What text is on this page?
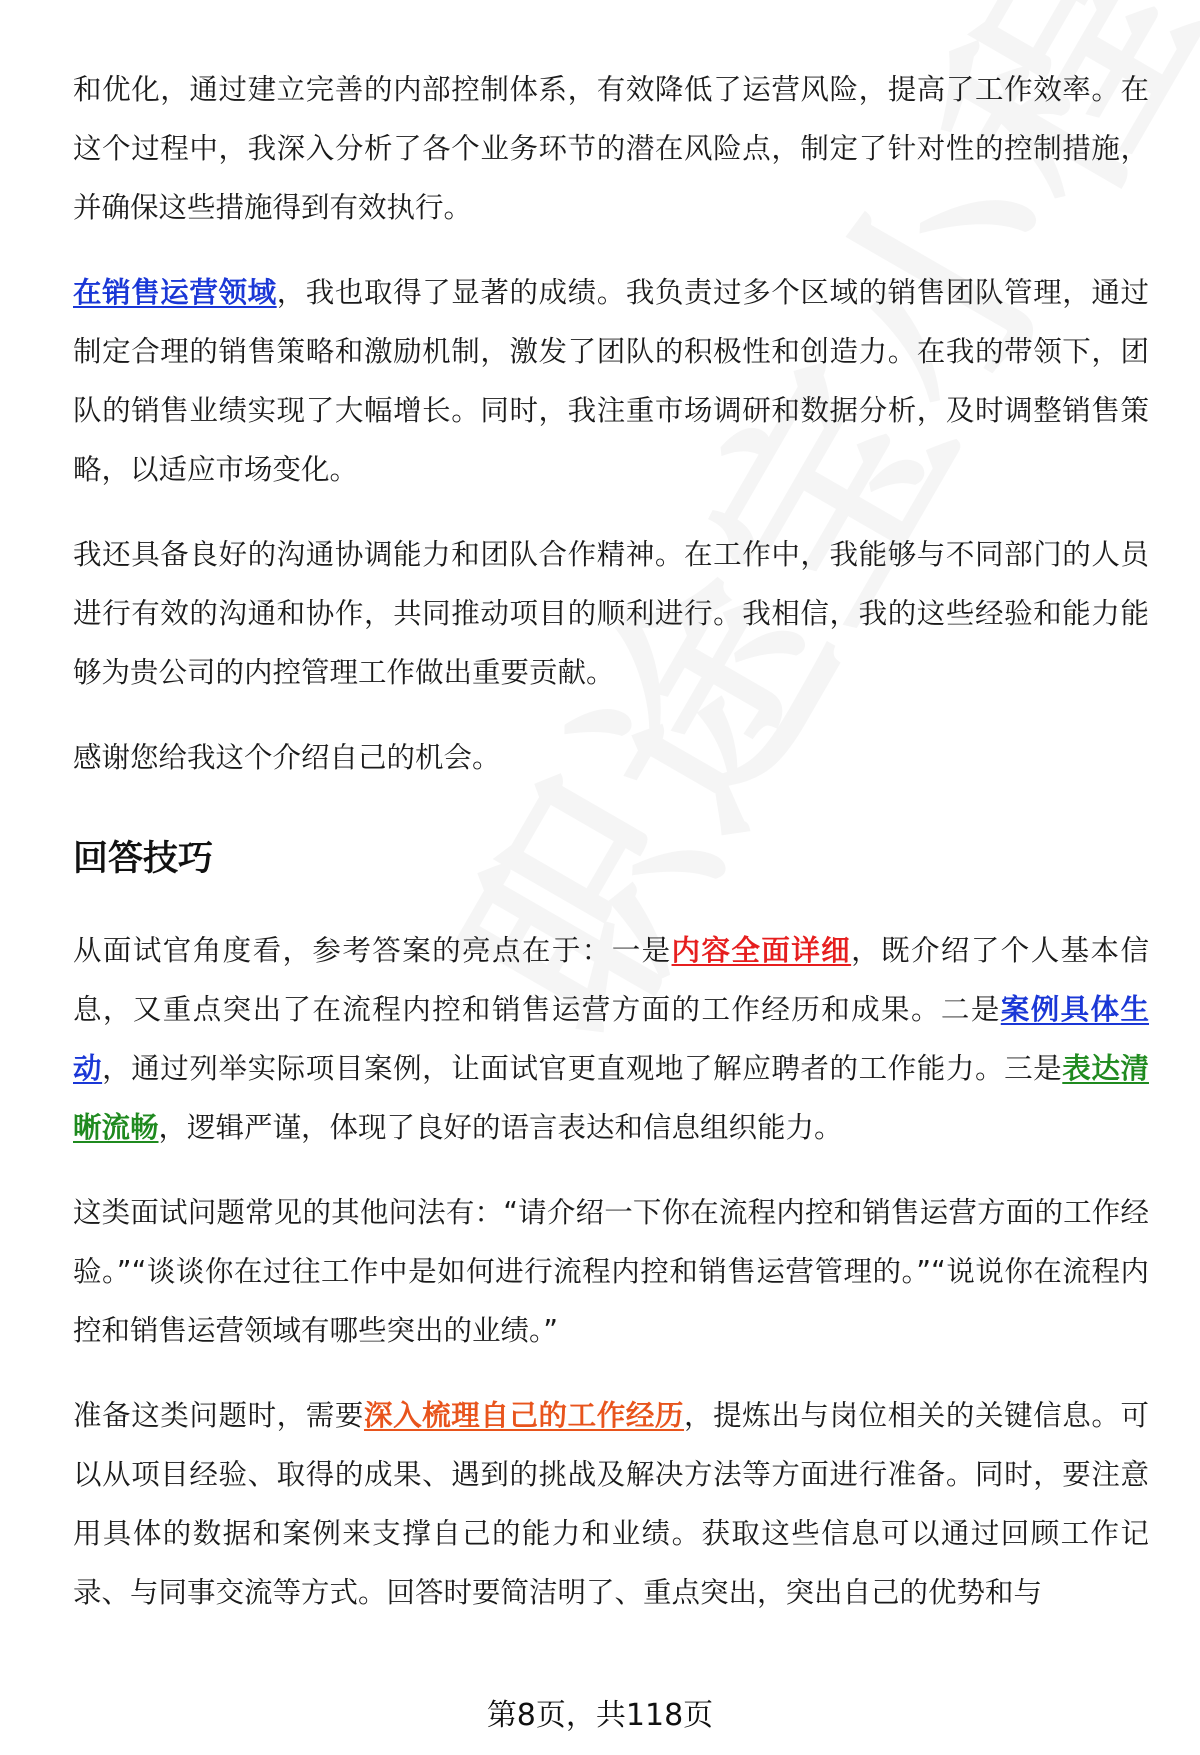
和优化，通过建立完善的内部控制体系，有效降低了运营风险，提高了工作效率。在这个过程中，我深入分析了各个业务环节的潜在风险点，制定了针对性的控制措施，并确保这些措施得到有效执行。

在销售运营领域，我也取得了显著的成绩。我负责过多个区域的销售团队管理，通过制定合理的销售策略和激励机制，激发了团队的积极性和创造力。在我的带领下，团队的销售业绩实现了大幅增长。同时，我注重市场调研和数据分析，及时调整销售策略，以适应市场变化。

我还具备良好的沟通协调能力和团队合作精神。在工作中，我能够与不同部门的人员进行有效的沟通和协作，共同推动项目的顺利进行。我相信，我的这些经验和能力能够为贵公司的内控管理工作做出重要贡献。

感谢您给我这个介绍自己的机会。

回答技巧

从面试官角度看，参考答案的亮点在于：一是内容全面详细，既介绍了个人基本信息，又重点突出了在流程内控和销售运营方面的工作经历和成果。二是案例具体生动，通过列举实际项目案例，让面试官更直观地了解应聘者的工作能力。三是表达清晰流畅，逻辑严谨，体现了良好的语言表达和信息组织能力。

这类面试问题常见的其他问法有：“请介绍一下你在流程内控和销售运营方面的工作经验。”“谈谈你在过往工作中是如何进行流程内控和销售运营管理的。”“说说你在流程内控和销售运营领域有哪些突出的业绩。”

准备这类问题时，需要深入梳理自己的工作经历，提炼出与岗位相关的关键信息。可以从项目经验、取得的成果、遇到的挑战及解决方法等方面进行准备。同时，要注意用具体的数据和案例来支撑自己的能力和业绩。获取这些信息可以通过回顾工作记录、与同事交流等方式。回答时要简洁明了、重点突出，突出自己的优势和与

第8页，共118页
